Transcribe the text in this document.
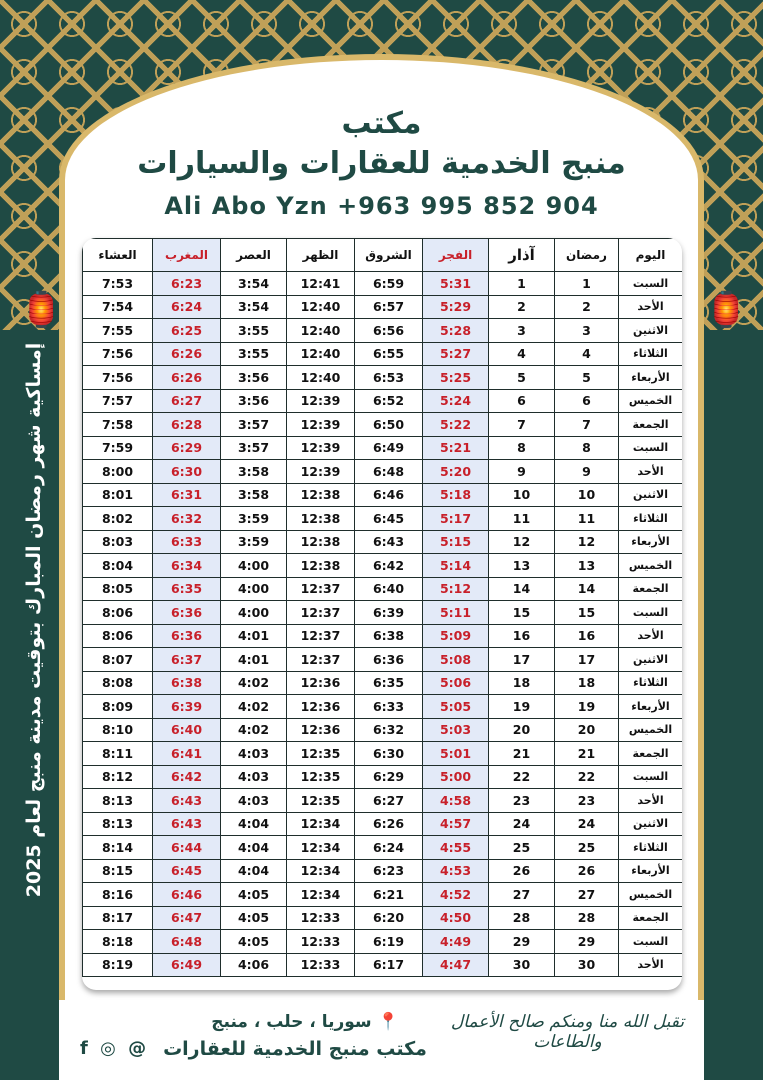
🏮	🏮
مكتب
منبج الخدمية للعقارات والسيارات
Ali Abo Yzn +963 995 852 904
إمساكية شهر رمضان المبارك بتوقيت مدينة منبج لعام 2025
اليوم	رمضان	آذار	الفجر	الشروق	الظهر	العصر	المغرب	العشاء
السبت	1	1	5:31	6:59	12:41	3:54	6:23	7:53
الأحد	2	2	5:29	6:57	12:40	3:54	6:24	7:54
الاثنين	3	3	5:28	6:56	12:40	3:55	6:25	7:55
الثلاثاء	4	4	5:27	6:55	12:40	3:55	6:26	7:56
الأربعاء	5	5	5:25	6:53	12:40	3:56	6:26	7:56
الخميس	6	6	5:24	6:52	12:39	3:56	6:27	7:57
الجمعة	7	7	5:22	6:50	12:39	3:57	6:28	7:58
السبت	8	8	5:21	6:49	12:39	3:57	6:29	7:59
الأحد	9	9	5:20	6:48	12:39	3:58	6:30	8:00
الاثنين	10	10	5:18	6:46	12:38	3:58	6:31	8:01
الثلاثاء	11	11	5:17	6:45	12:38	3:59	6:32	8:02
الأربعاء	12	12	5:15	6:43	12:38	3:59	6:33	8:03
الخميس	13	13	5:14	6:42	12:38	4:00	6:34	8:04
الجمعة	14	14	5:12	6:40	12:37	4:00	6:35	8:05
السبت	15	15	5:11	6:39	12:37	4:00	6:36	8:06
الأحد	16	16	5:09	6:38	12:37	4:01	6:36	8:06
الاثنين	17	17	5:08	6:36	12:37	4:01	6:37	8:07
الثلاثاء	18	18	5:06	6:35	12:36	4:02	6:38	8:08
الأربعاء	19	19	5:05	6:33	12:36	4:02	6:39	8:09
الخميس	20	20	5:03	6:32	12:36	4:02	6:40	8:10
الجمعة	21	21	5:01	6:30	12:35	4:03	6:41	8:11
السبت	22	22	5:00	6:29	12:35	4:03	6:42	8:12
الأحد	23	23	4:58	6:27	12:35	4:03	6:43	8:13
الاثنين	24	24	4:57	6:26	12:34	4:04	6:43	8:13
الثلاثاء	25	25	4:55	6:24	12:34	4:04	6:44	8:14
الأربعاء	26	26	4:53	6:23	12:34	4:04	6:45	8:15
الخميس	27	27	4:52	6:21	12:34	4:05	6:46	8:16
الجمعة	28	28	4:50	6:20	12:33	4:05	6:47	8:17
السبت	29	29	4:49	6:19	12:33	4:05	6:48	8:18
الأحد	30	30	4:47	6:17	12:33	4:06	6:49	8:19
تقبل الله منا ومنكم صالح الأعمال والطاعات
📍 سوريا ، حلب ، منبج
مكتب منبج الخدمية للعقارات
f ◎ @
